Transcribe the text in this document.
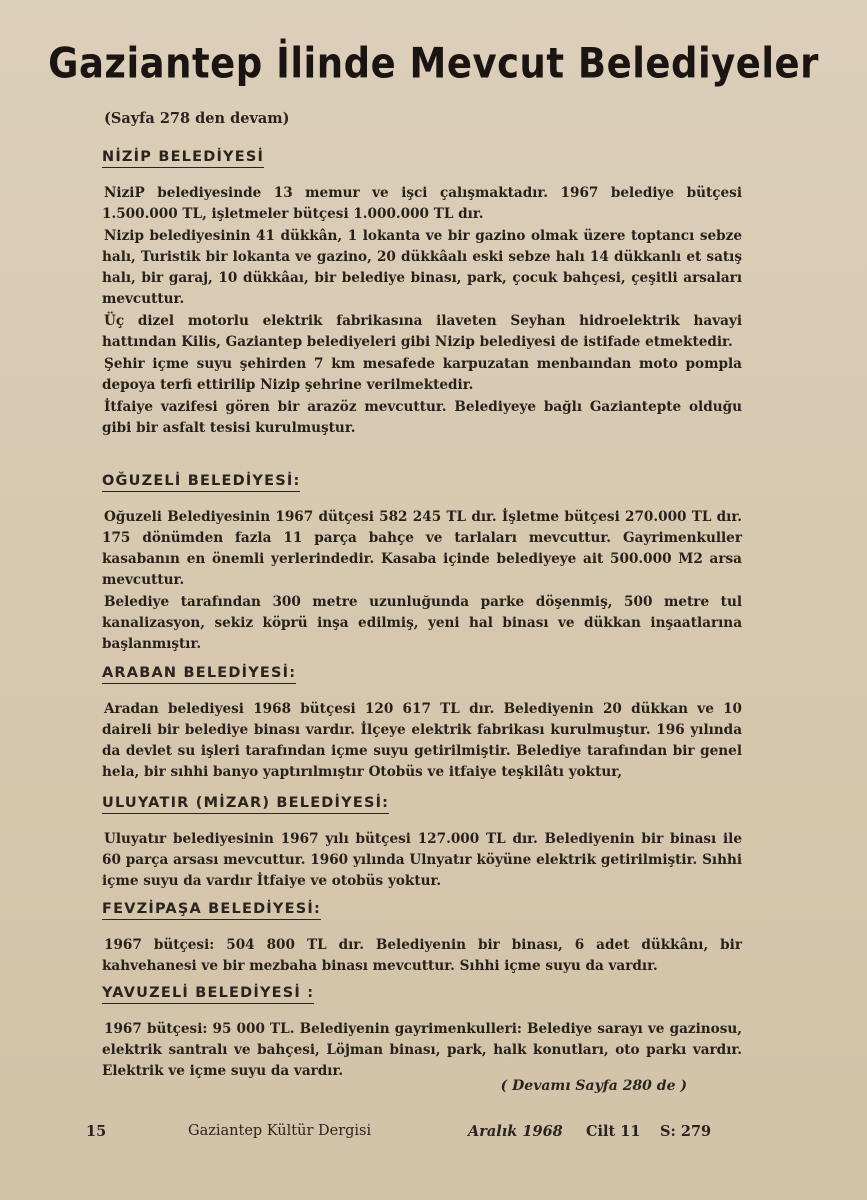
Gaziantep İlinde Mevcut Belediyeler
(Sayfa 278 den devam)
NİZİP BELEDİYESİ

NiziP belediyesinde 13 memur ve işci çalışmaktadır. 1967 belediye bütçesi 1.500.000 TL, işletmeler bütçesi 1.000.000 TL dır.

Nizip belediyesinin 41 dükkân, 1 lokanta ve bir gazino olmak üzere toptancı sebze halı, Turistik bir lokanta ve gazino, 20 dükkâalı eski sebze halı 14 dükkanlı et satış halı, bir garaj, 10 dükkâaı, bir belediye binası, park, çocuk bahçesi, çeşitli arsaları mevcuttur.

Üç dizel motorlu elektrik fabrikasına ilaveten Seyhan hidroelektrik havayi hattından Kilis, Gaziantep belediyeleri gibi Nizip belediyesi de istifade etmektedir.

Şehir içme suyu şehirden 7 km mesafede karpuzatan menbaından moto pompla depoya terfi ettirilip Nizip şehrine verilmektedir.

İtfaiye vazifesi gören bir arazöz mevcuttur. Belediyeye bağlı Gaziantepte olduğu gibi bir asfalt tesisi kurulmuştur.

OĞUZELİ BELEDİYESİ:

Oğuzeli Belediyesinin 1967 dütçesi 582 245 TL dır. İşletme bütçesi 270.000 TL dır. 175 dönümden fazla 11 parça bahçe ve tarlaları mevcuttur. Gayrimenkuller kasabanın en önemli yerlerindedir. Kasaba içinde belediyeye ait 500.000 M2 arsa mevcuttur.

Belediye tarafından 300 metre uzunluğunda parke döşenmiş, 500 metre tul kanalizasyon, sekiz köprü inşa edilmiş, yeni hal binası ve dükkan inşaatlarına başlanmıştır.

ARABAN BELEDİYESİ:

Aradan belediyesi 1968 bütçesi 120 617 TL dır. Belediyenin 20 dükkan ve 10 daireli bir belediye binası vardır. İlçeye elektrik fabrikası kurulmuştur. 196 yılında da devlet su işleri tarafından içme suyu getirilmiştir. Belediye tarafından bir genel hela, bir sıhhi banyo yaptırılmıştır Otobüs ve itfaiye teşkilâtı yoktur,

ULUYATIR (MİZAR) BELEDİYESİ:

Uluyatır belediyesinin 1967 yılı bütçesi 127.000 TL dır. Belediyenin bir binası ile 60 parça arsası mevcuttur. 1960 yılında Ulnyatır köyüne elektrik getirilmiştir. Sıhhi içme suyu da vardır İtfaiye ve otobüs yoktur.

FEVZİPAŞA BELEDİYESİ:

1967 bütçesi: 504 800 TL dır. Belediyenin bir binası, 6 adet dükkânı, bir kahvehanesi ve bir mezbaha binası mevcuttur. Sıhhi içme suyu da vardır.

YAVUZELİ BELEDİYESİ :

1967 bütçesi: 95 000 TL. Belediyenin gayrimenkulleri: Belediye sarayı ve gazinosu, elektrik santralı ve bahçesi, Löjman binası, park, halk konutları, oto parkı vardır. Elektrik ve içme suyu da vardır.

( Devamı Sayfa 280 de )
15	Gaziantep Kültür Dergisi	Aralık 1968 Cilt 11 S: 279
